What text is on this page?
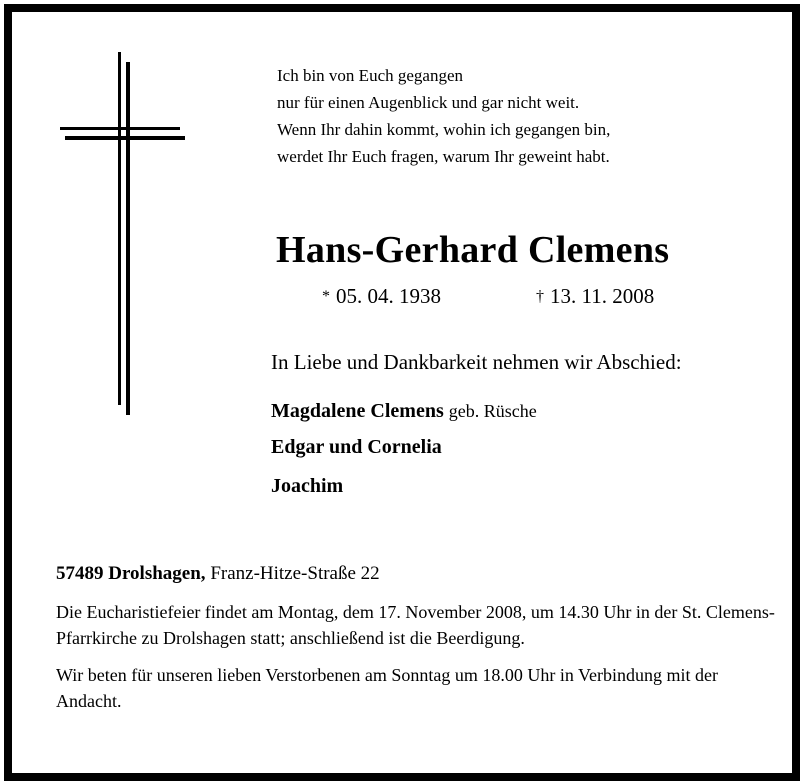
Ich bin von Euch gegangen
nur für einen Augenblick und gar nicht weit.
Wenn Ihr dahin kommt, wohin ich gegangen bin,
werdet Ihr Euch fragen, warum Ihr geweint habt.
Hans-Gerhard Clemens
* 05. 04. 1938	† 13. 11. 2008
In Liebe und Dankbarkeit nehmen wir Abschied:
Magdalene Clemens geb. Rüsche
Edgar und Cornelia
Joachim
57489 Drolshagen, Franz-Hitze-Straße 22
Die Eucharistiefeier findet am Montag, dem 17. November 2008, um 14.30 Uhr in der St. Clemens-Pfarrkirche zu Drolshagen statt; anschließend ist die Beerdigung.
Wir beten für unseren lieben Verstorbenen am Sonntag um 18.00 Uhr in Verbindung mit der Andacht.
